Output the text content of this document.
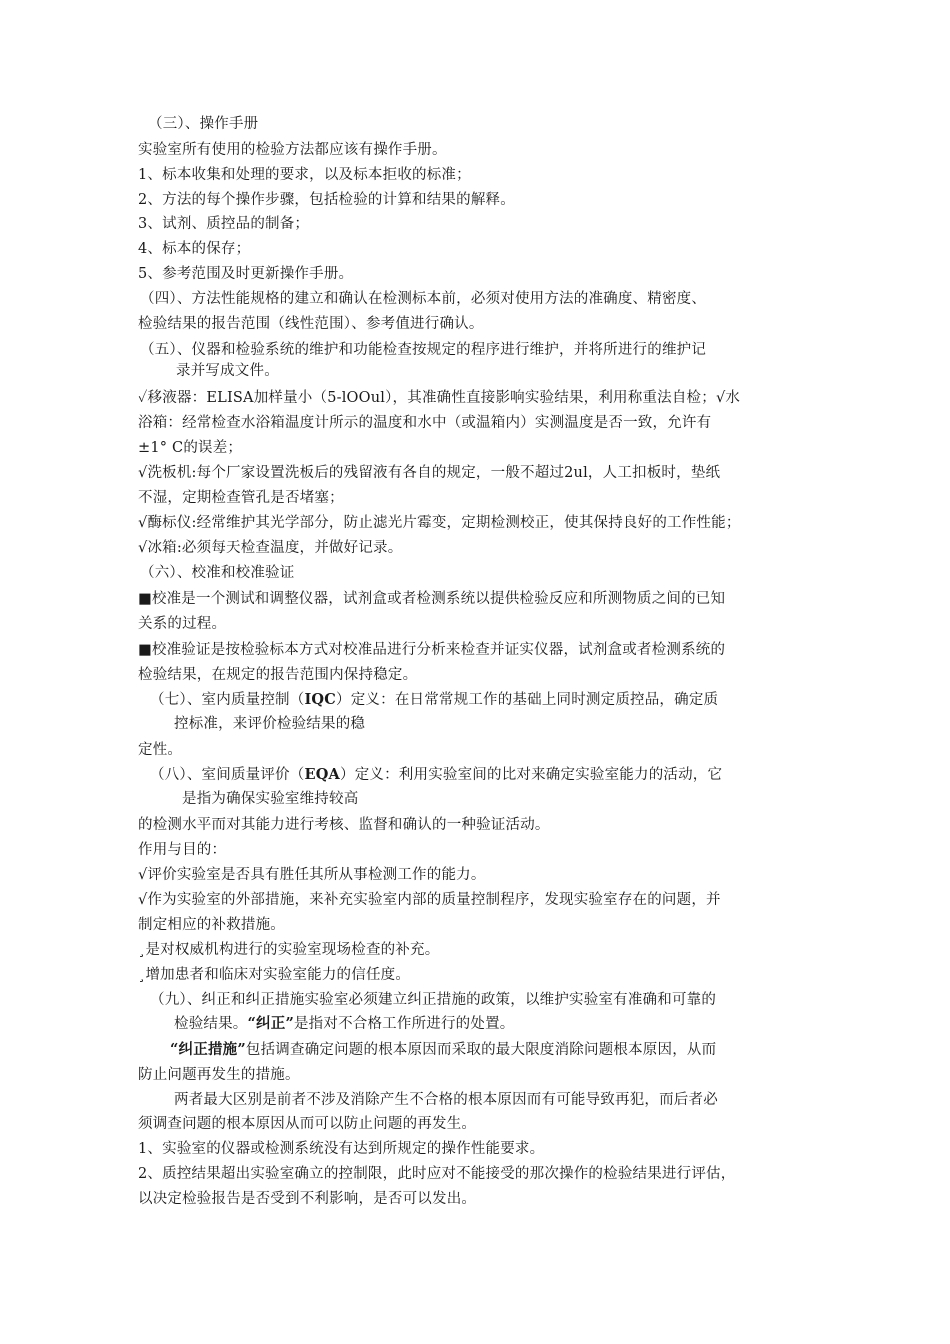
（三）、操作手册

实验室所有使用的检验方法都应该有操作手册。

1、标本收集和处理的要求，以及标本拒收的标准；

2、方法的每个操作步骤，包括检验的计算和结果的解释。

3、试剂、质控品的制备；

4、标本的保存；

5、参考范围及时更新操作手册。

（四）、方法性能规格的建立和确认在检测标本前，必须对使用方法的准确度、精密度、

检验结果的报告范围（线性范围）、参考值进行确认。

（五）、仪器和检验系统的维护和功能检查按规定的程序进行维护，并将所进行的维护记

录并写成文件。

✓移液器：ELISA加样量小（5-lOOul），其准确性直接影响实验结果，利用称重法自检；√水

浴箱：经常检查水浴箱温度计所示的温度和水中（或温箱内）实测温度是否一致，允许有

±1° C的误差；

√洗板机:每个厂家设置洗板后的残留液有各自的规定，一般不超过2ul，人工扣板时，垫纸

不湿，定期检查管孔是否堵塞；

√酶标仪:经常维护其光学部分，防止滤光片霉变，定期检测校正，使其保持良好的工作性能；

√冰箱:必须每天检查温度，并做好记录。

（六）、校准和校准验证

■校准是一个测试和调整仪器，试剂盒或者检测系统以提供检验反应和所测物质之间的已知

关系的过程。

■校准验证是按检验标本方式对校准品进行分析来检查并证实仪器，试剂盒或者检测系统的

检验结果，在规定的报告范围内保持稳定。

（七）、室内质量控制（IQC）定义：在日常常规工作的基础上同时测定质控品，确定质

控标准，来评价检验结果的稳

定性。

（八）、室间质量评价（EQA）定义：利用实验室间的比对来确定实验室能力的活动，它

是指为确保实验室维持较高

的检测水平而对其能力进行考核、监督和确认的一种验证活动。

作用与目的：

√评价实验室是否具有胜任其所从事检测工作的能力。

√作为实验室的外部措施，来补充实验室内部的质量控制程序，发现实验室存在的问题，并

制定相应的补救措施。

¸是对权威机构进行的实验室现场检查的补充。

¸增加患者和临床对实验室能力的信任度。

（九）、纠正和纠正措施实验室必须建立纠正措施的政策，以维护实验室有准确和可靠的

检验结果。“纠正”是指对不合格工作所进行的处置。

“纠正措施”包括调查确定问题的根本原因而采取的最大限度消除问题根本原因，从而

防止问题再发生的措施。

两者最大区别是前者不涉及消除产生不合格的根本原因而有可能导致再犯，而后者必

须调查问题的根本原因从而可以防止问题的再发生。

1、实验室的仪器或检测系统没有达到所规定的操作性能要求。

2、质控结果超出实验室确立的控制限，此时应对不能接受的那次操作的检验结果进行评估，

以决定检验报告是否受到不利影响，是否可以发出。
